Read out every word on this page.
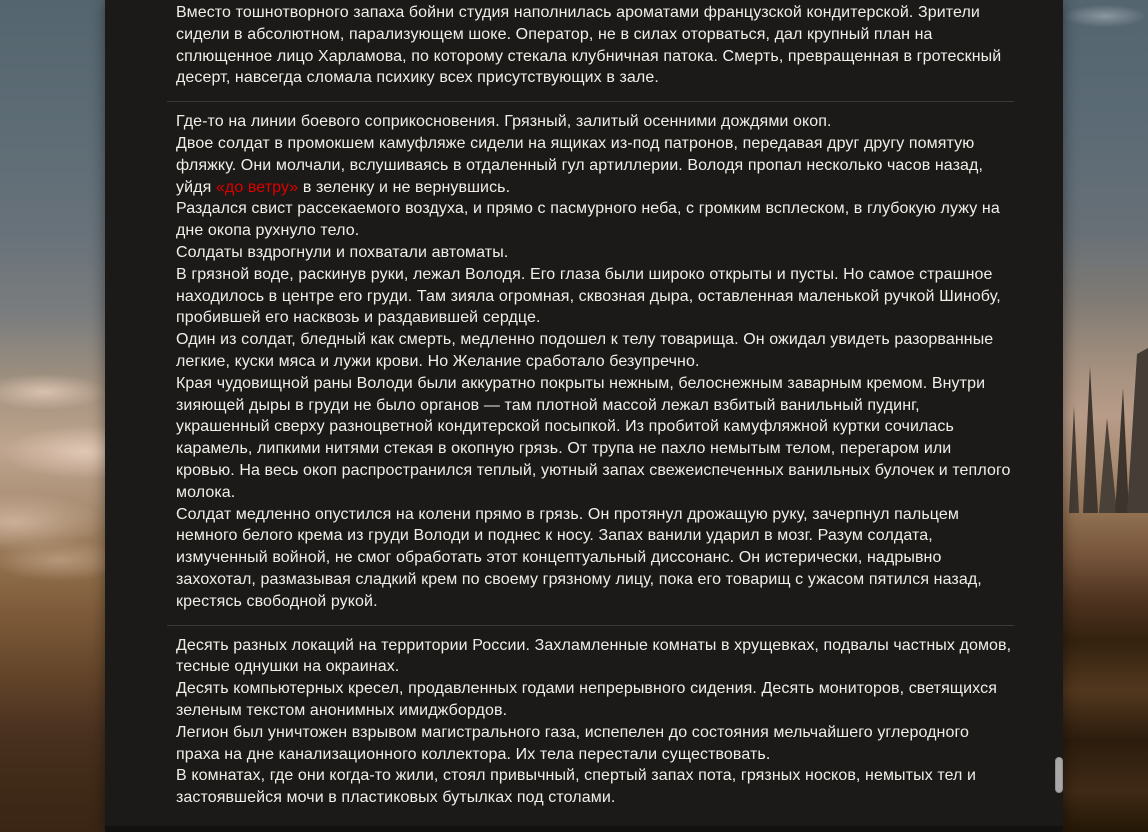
Вместо тошнотворного запаха бойни студия наполнилась ароматами французской кондитерской. Зрители сидели в абсолютном, парализующем шоке. Оператор, не в силах оторваться, дал крупный план на сплющенное лицо Харламова, по которому стекала клубничная патока. Смерть, превращенная в гротескный десерт, навсегда сломала психику всех присутствующих в зале.

Где-то на линии боевого соприкосновения. Грязный, залитый осенними дождями окоп.

Двое солдат в промокшем камуфляже сидели на ящиках из-под патронов, передавая друг другу помятую фляжку. Они молчали, вслушиваясь в отдаленный гул артиллерии. Володя пропал несколько часов назад, уйдя «до ветру» в зеленку и не вернувшись.

Раздался свист рассекаемого воздуха, и прямо с пасмурного неба, с громким всплеском, в глубокую лужу на дне окопа рухнуло тело.

Солдаты вздрогнули и похватали автоматы.

В грязной воде, раскинув руки, лежал Володя. Его глаза были широко открыты и пусты. Но самое страшное находилось в центре его груди. Там зияла огромная, сквозная дыра, оставленная маленькой ручкой Шинобу, пробившей его насквозь и раздавившей сердце.

Один из солдат, бледный как смерть, медленно подошел к телу товарища. Он ожидал увидеть разорванные легкие, куски мяса и лужи крови. Но Желание сработало безупречно.

Края чудовищной раны Володи были аккуратно покрыты нежным, белоснежным заварным кремом. Внутри зияющей дыры в груди не было органов — там плотной массой лежал взбитый ванильный пудинг, украшенный сверху разноцветной кондитерской посыпкой. Из пробитой камуфляжной куртки сочилась карамель, липкими нитями стекая в окопную грязь. От трупа не пахло немытым телом, перегаром или кровью. На весь окоп распространился теплый, уютный запах свежеиспеченных ванильных булочек и теплого молока.

Солдат медленно опустился на колени прямо в грязь. Он протянул дрожащую руку, зачерпнул пальцем немного белого крема из груди Володи и поднес к носу. Запах ванили ударил в мозг. Разум солдата, измученный войной, не смог обработать этот концептуальный диссонанс. Он истерически, надрывно захохотал, размазывая сладкий крем по своему грязному лицу, пока его товарищ с ужасом пятился назад, крестясь свободной рукой.

Десять разных локаций на территории России. Захламленные комнаты в хрущевках, подвалы частных домов, тесные однушки на окраинах.

Десять компьютерных кресел, продавленных годами непрерывного сидения. Десять мониторов, светящихся зеленым текстом анонимных имиджбордов.

Легион был уничтожен взрывом магистрального газа, испепелен до состояния мельчайшего углеродного праха на дне канализационного коллектора. Их тела перестали существовать.

В комнатах, где они когда-то жили, стоял привычный, спертый запах пота, грязных носков, немытых тел и застоявшейся мочи в пластиковых бутылках под столами.
